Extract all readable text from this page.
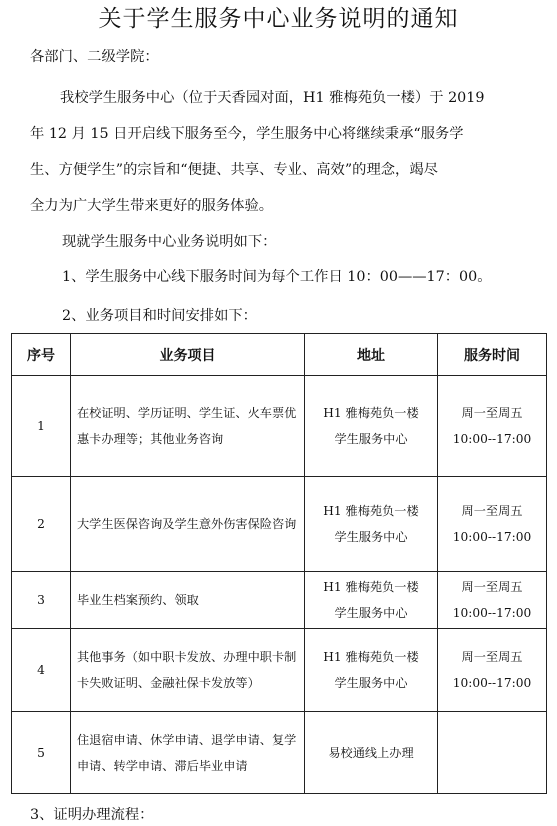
关于学生服务中心业务说明的通知
各部门、二级学院：
我校学生服务中心（位于天香园对面，H1 雅梅苑负一楼）于 2019
年 12 月 15 日开启线下服务至今，学生服务中心将继续秉承“服务学
生、方便学生”的宗旨和“便捷、共享、专业、高效”的理念，竭尽
全力为广大学生带来更好的服务体验。
现就学生服务中心业务说明如下：
1、学生服务中心线下服务时间为每个工作日 10：00——17：00。
2、业务项目和时间安排如下：
序号	业务项目	地址	服务时间
1	在校证明、学历证明、学生证、火车票优惠卡办理等；其他业务咨询	H1 雅梅苑负一楼
学生服务中心	周一至周五
10:00--17:00

2	大学生医保咨询及学生意外伤害保险咨询	H1 雅梅苑负一楼
学生服务中心	周一至周五
10:00--17:00

3	毕业生档案预约、领取	H1 雅梅苑负一楼
学生服务中心	周一至周五
10:00--17:00

4	其他事务（如中职卡发放、办理中职卡制卡失败证明、金融社保卡发放等）	H1 雅梅苑负一楼
学生服务中心	周一至周五
10:00--17:00

5	住退宿申请、休学申请、退学申请、复学申请、转学申请、滞后毕业申请	易校通线上办理	

3、证明办理流程：
